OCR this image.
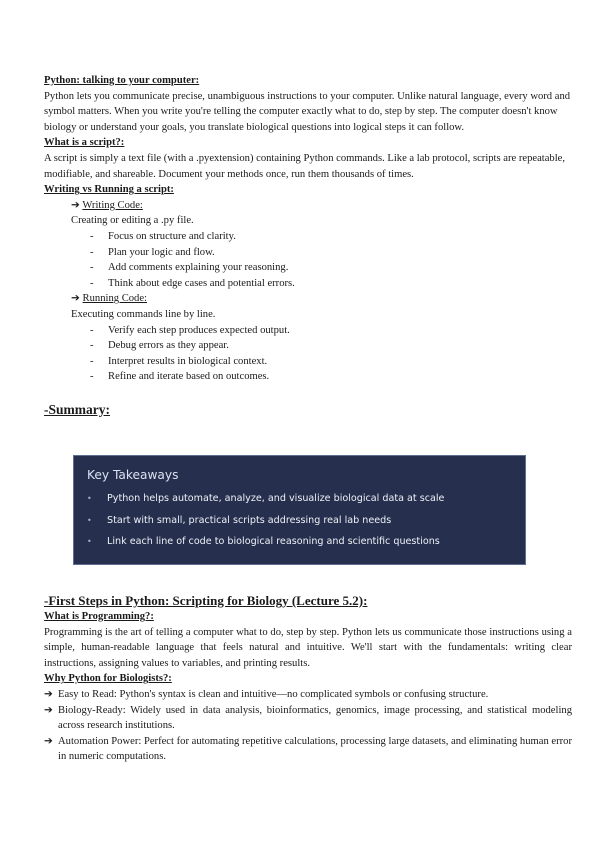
Python: talking to your computer:

Python lets you communicate precise, unambiguous instructions to your computer. Unlike natural language, every word and symbol matters. When you write you're telling the computer exactly what to do, step by step. The computer doesn't know biology or understand your goals, you translate biological questions into logical steps it can follow.

What is a script?:

A script is simply a text file (with a .pyextension) containing Python commands. Like a lab protocol, scripts are repeatable, modifiable, and shareable. Document your methods once, run them thousands of times.

Writing vs Running a script:

➔ Writing Code:

Creating or editing a .py file.

- Focus on structure and clarity.
- Plan your logic and flow.
- Add comments explaining your reasoning.
- Think about edge cases and potential errors.

➔ Running Code:

Executing commands line by line.

- Verify each step produces expected output.
- Debug errors as they appear.
- Interpret results in biological context.
- Refine and iterate based on outcomes.

-Summary:

Key Takeaways
• Python helps automate, analyze, and visualize biological data at scale
• Start with small, practical scripts addressing real lab needs
• Link each line of code to biological reasoning and scientific questions

-First Steps in Python: Scripting for Biology (Lecture 5.2):

What is Programming?:

Programming is the art of telling a computer what to do, step by step. Python lets us communicate those instructions using a simple, human-readable language that feels natural and intuitive. We'll start with the fundamentals: writing clear instructions, assigning values to variables, and printing results.

Why Python for Biologists?:

➔ Easy to Read: Python's syntax is clean and intuitive—no complicated symbols or confusing structure.

➔ Biology-Ready: Widely used in data analysis, bioinformatics, genomics, image processing, and statistical modeling across research institutions.

➔ Automation Power: Perfect for automating repetitive calculations, processing large datasets, and eliminating human error in numeric computations.
